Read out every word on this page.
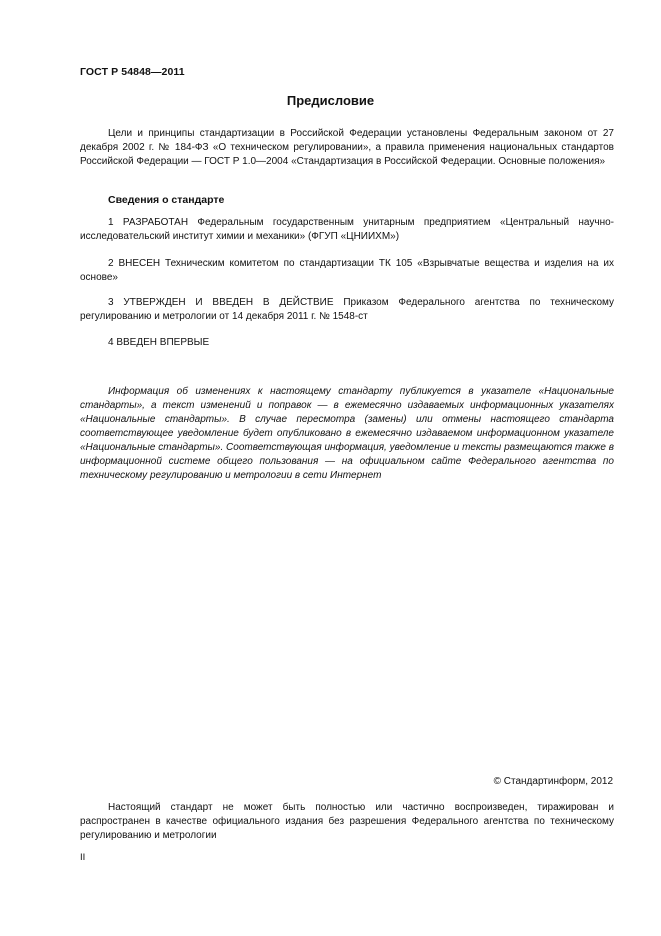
ГОСТ Р 54848—2011
Предисловие
Цели и принципы стандартизации в Российской Федерации установлены Федеральным законом от 27 декабря 2002 г. № 184-ФЗ «О техническом регулировании», а правила применения национальных стандартов Российской Федерации — ГОСТ Р 1.0—2004 «Стандартизация в Российской Федерации. Основные положения»
Сведения о стандарте
1 РАЗРАБОТАН Федеральным государственным унитарным предприятием «Центральный научно-исследовательский институт химии и механики» (ФГУП «ЦНИИХМ»)
2 ВНЕСЕН Техническим комитетом по стандартизации ТК 105 «Взрывчатые вещества и изделия на их основе»
3 УТВЕРЖДЕН И ВВЕДЕН В ДЕЙСТВИЕ Приказом Федерального агентства по техническому регулированию и метрологии от 14 декабря 2011 г. № 1548-ст
4 ВВЕДЕН ВПЕРВЫЕ
Информация об изменениях к настоящему стандарту публикуется в указателе «Национальные стандарты», а текст изменений и поправок — в ежемесячно издаваемых информационных указателях «Национальные стандарты». В случае пересмотра (замены) или отмены настоящего стандарта соответствующее уведомление будет опубликовано в ежемесячно издаваемом информационном указателе «Национальные стандарты». Соответствующая информация, уведомление и тексты размещаются также в информационной системе общего пользования — на официальном сайте Федерального агентства по техническому регулированию и метрологии в сети Интернет
© Стандартинформ, 2012
Настоящий стандарт не может быть полностью или частично воспроизведен, тиражирован и распространен в качестве официального издания без разрешения Федерального агентства по техническому регулированию и метрологии
II
